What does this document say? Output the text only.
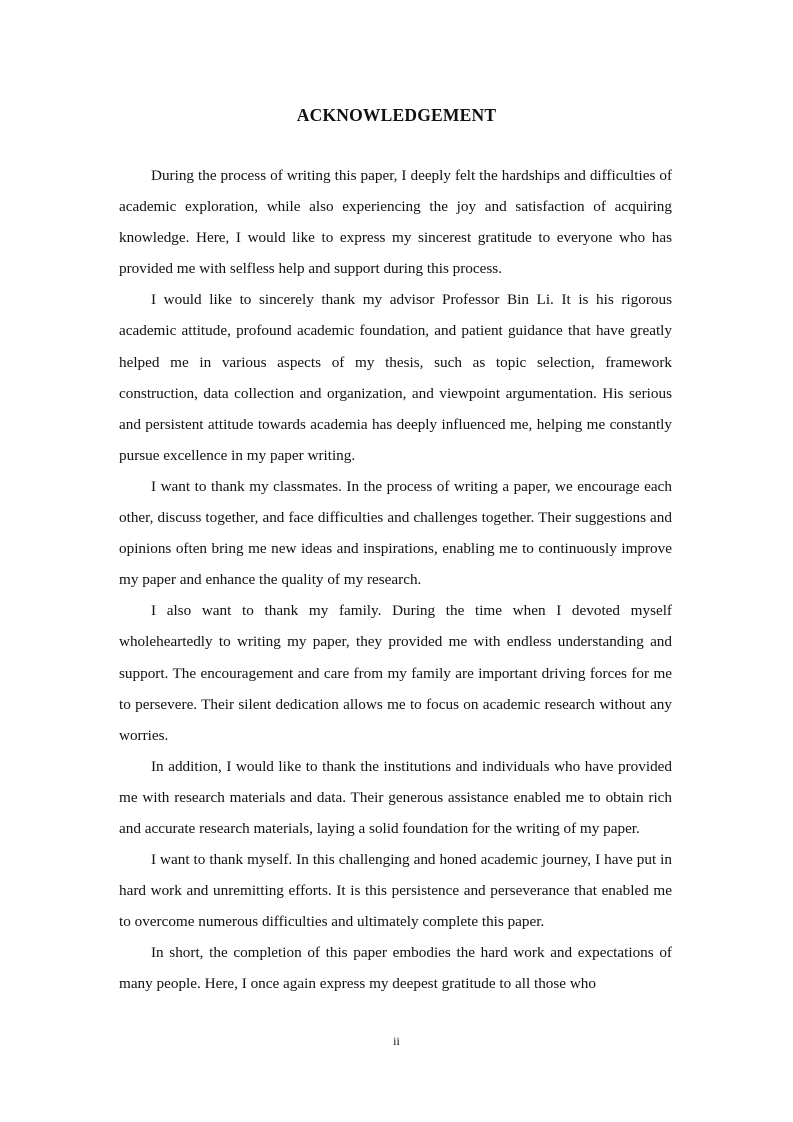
ACKNOWLEDGEMENT

During the process of writing this paper, I deeply felt the hardships and difficulties of academic exploration, while also experiencing the joy and satisfaction of acquiring knowledge. Here, I would like to express my sincerest gratitude to everyone who has provided me with selfless help and support during this process.

I would like to sincerely thank my advisor Professor Bin Li. It is his rigorous academic attitude, profound academic foundation, and patient guidance that have greatly helped me in various aspects of my thesis, such as topic selection, framework construction, data collection and organization, and viewpoint argumentation. His serious and persistent attitude towards academia has deeply influenced me, helping me constantly pursue excellence in my paper writing.

I want to thank my classmates. In the process of writing a paper, we encourage each other, discuss together, and face difficulties and challenges together. Their suggestions and opinions often bring me new ideas and inspirations, enabling me to continuously improve my paper and enhance the quality of my research.

I also want to thank my family. During the time when I devoted myself wholeheartedly to writing my paper, they provided me with endless understanding and support. The encouragement and care from my family are important driving forces for me to persevere. Their silent dedication allows me to focus on academic research without any worries.

In addition, I would like to thank the institutions and individuals who have provided me with research materials and data. Their generous assistance enabled me to obtain rich and accurate research materials, laying a solid foundation for the writing of my paper.

I want to thank myself. In this challenging and honed academic journey, I have put in hard work and unremitting efforts. It is this persistence and perseverance that enabled me to overcome numerous difficulties and ultimately complete this paper.

In short, the completion of this paper embodies the hard work and expectations of many people. Here, I once again express my deepest gratitude to all those who

ii
